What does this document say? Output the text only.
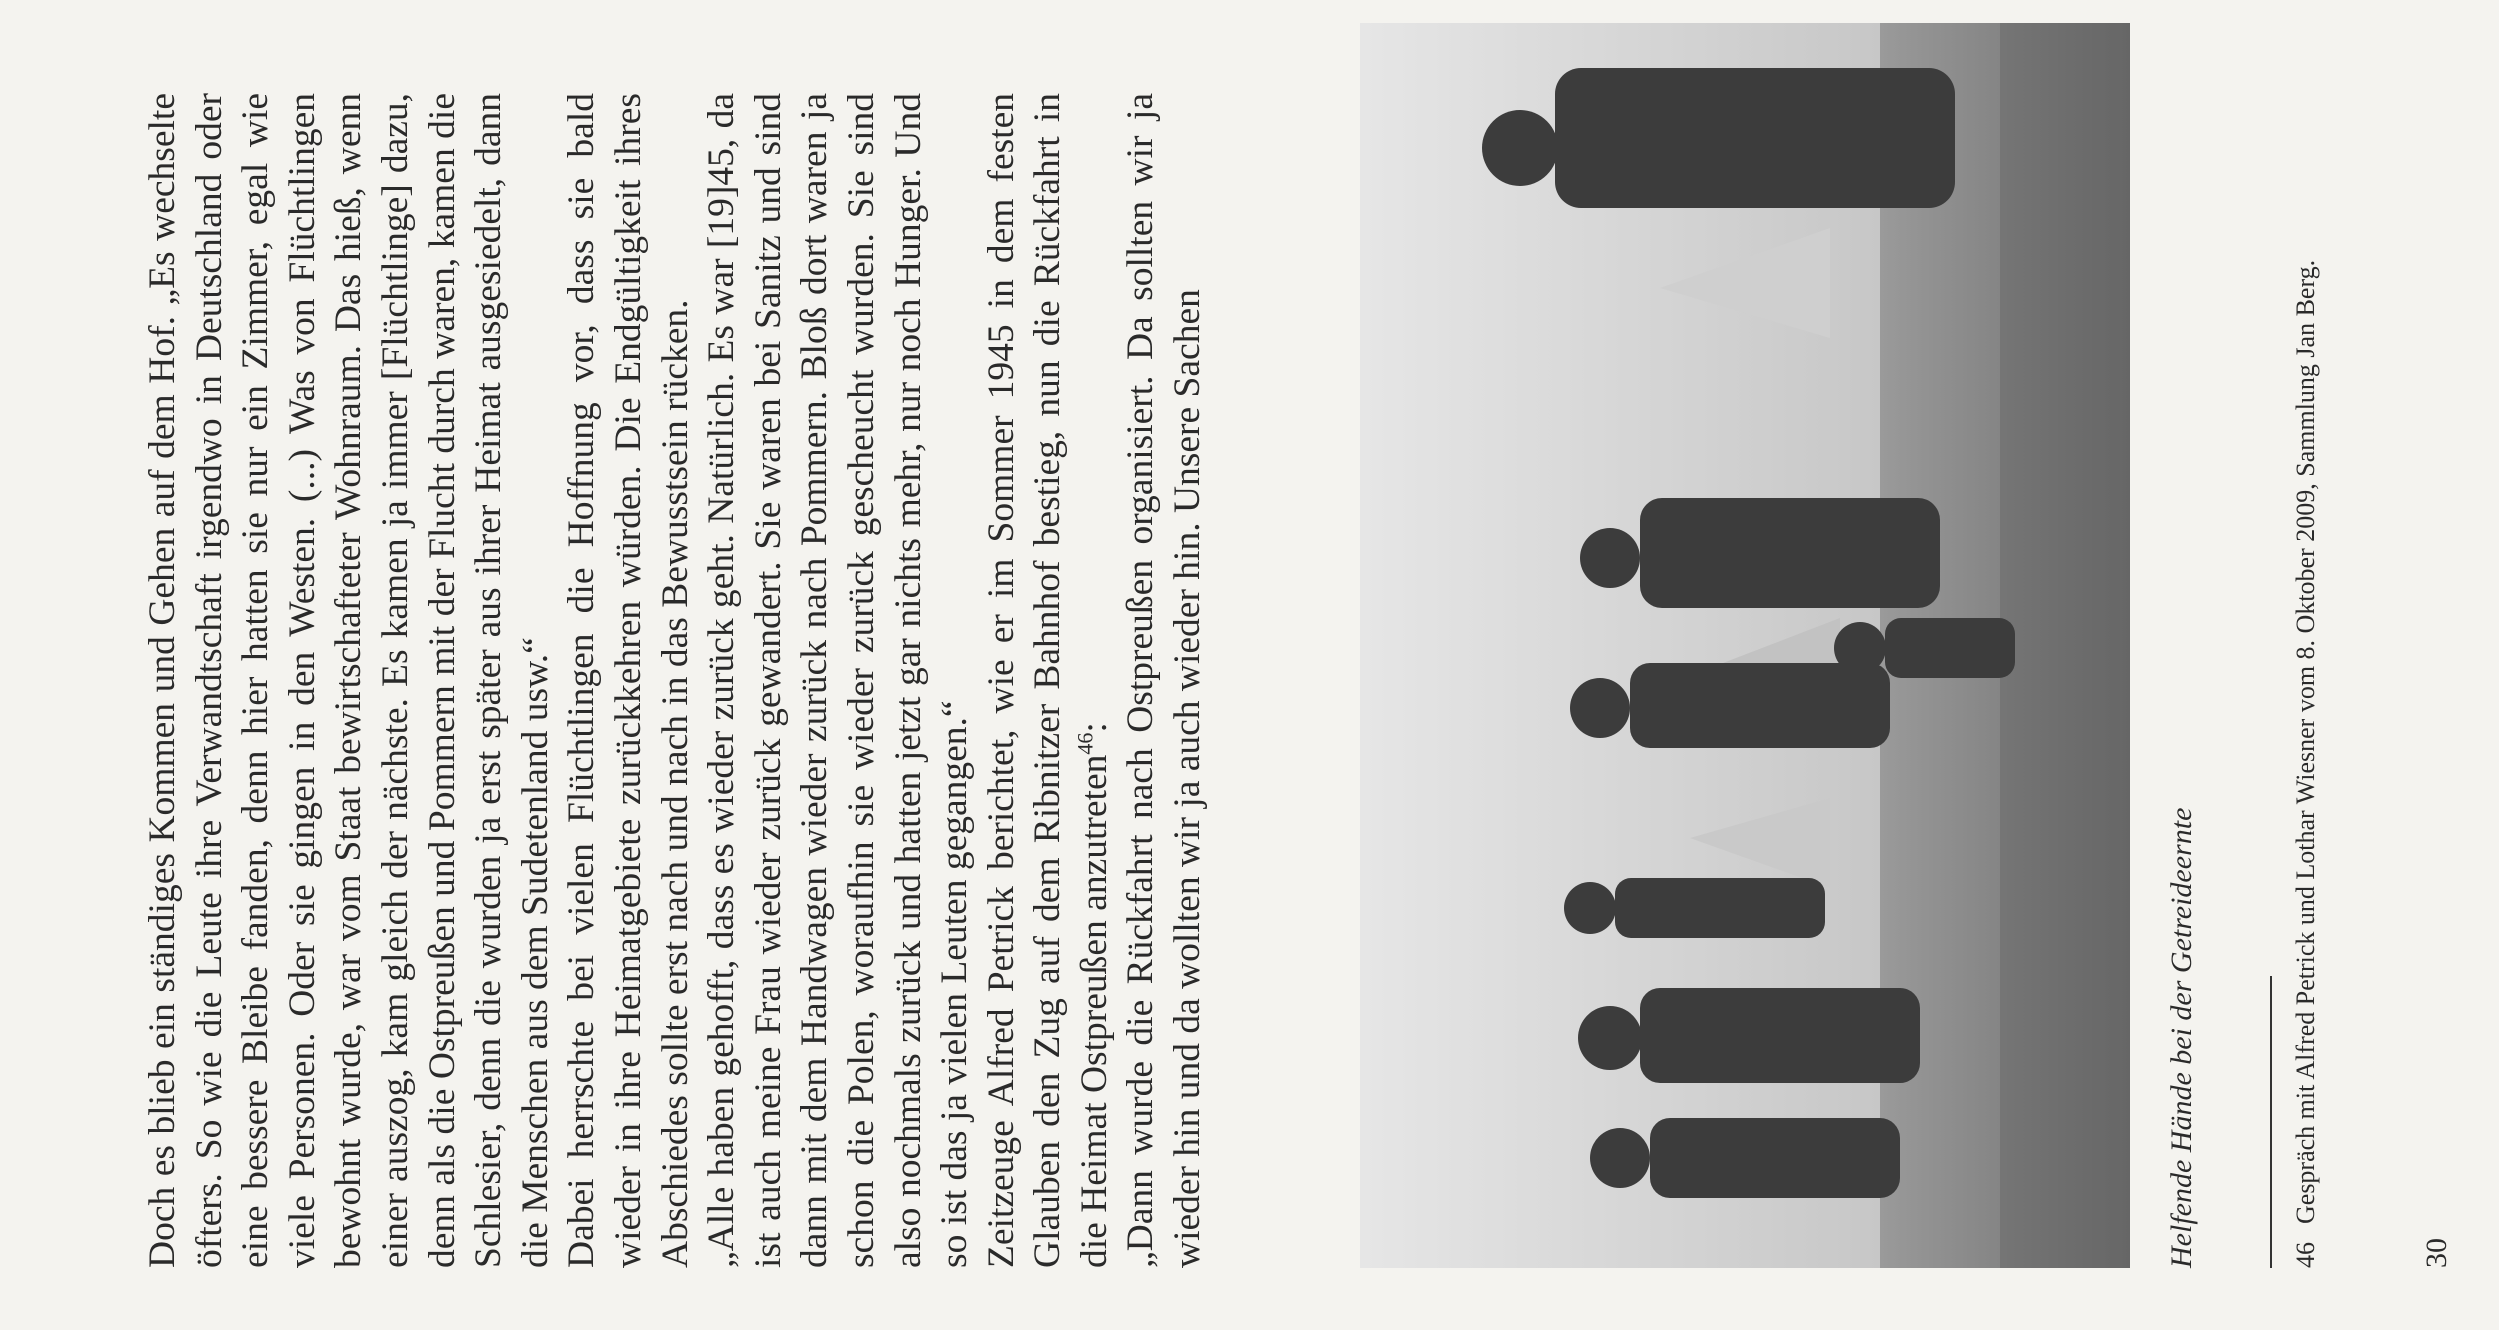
Doch es blieb ein ständiges Kommen und Gehen auf dem Hof. „Es wechselte öfters. So wie die Leute ihre Verwandtschaft irgendwo in Deutschland oder eine bessere Bleibe fanden, denn hier hatten sie nur ein Zimmer, egal wie viele Personen. Oder sie gingen in den Westen. (...) Was von Flüchtlingen bewohnt wurde, war vom Staat bewirtschafteter Wohnraum. Das hieß, wenn einer auszog, kam gleich der nächste. Es kamen ja immer [Flüchtlinge] dazu, denn als die Ostpreußen und Pommern mit der Flucht durch waren, kamen die Schlesier, denn die wurden ja erst später aus ihrer Heimat ausgesiedelt, dann die Menschen aus dem Sudetenland usw.“ Dabei herrschte bei vielen Flüchtlingen die Hoffnung vor, dass sie bald wieder in ihre Heimatgebiete zurückkehren würden. Die Endgültigkeit ihres Abschiedes sollte erst nach und nach in das Bewusstsein rücken. „Alle haben gehofft, dass es wieder zurück geht. Natürlich. Es war [19]45, da ist auch meine Frau wieder zurück gewandert. Sie waren bei Sanitz und sind dann mit dem Handwagen wieder zurück nach Pommern. Bloß dort waren ja schon die Polen, woraufhin sie wieder zurück gescheucht wurden. Sie sind also nochmals zurück und hatten jetzt gar nichts mehr, nur noch Hunger. Und so ist das ja vielen Leuten gegangen.“ Zeitzeuge Alfred Petrick berichtet, wie er im Sommer 1945 in dem festen Glauben den Zug auf dem Ribnitzer Bahnhof bestieg, nun die Rückfahrt in die Heimat Ostpreußen anzutreten$^{46}$: „Dann wurde die Rückfahrt nach Ostpreußen organisiert. Da sollten wir ja wieder hin und da wollten wir ja auch wieder hin. Unsere Sachen	Helfende Hände bei der Getreideernte	46Gespräch mit Alfred Petrick und Lothar Wiesner vom 8. Oktober 2009, Sammlung Jan Berg.
30
